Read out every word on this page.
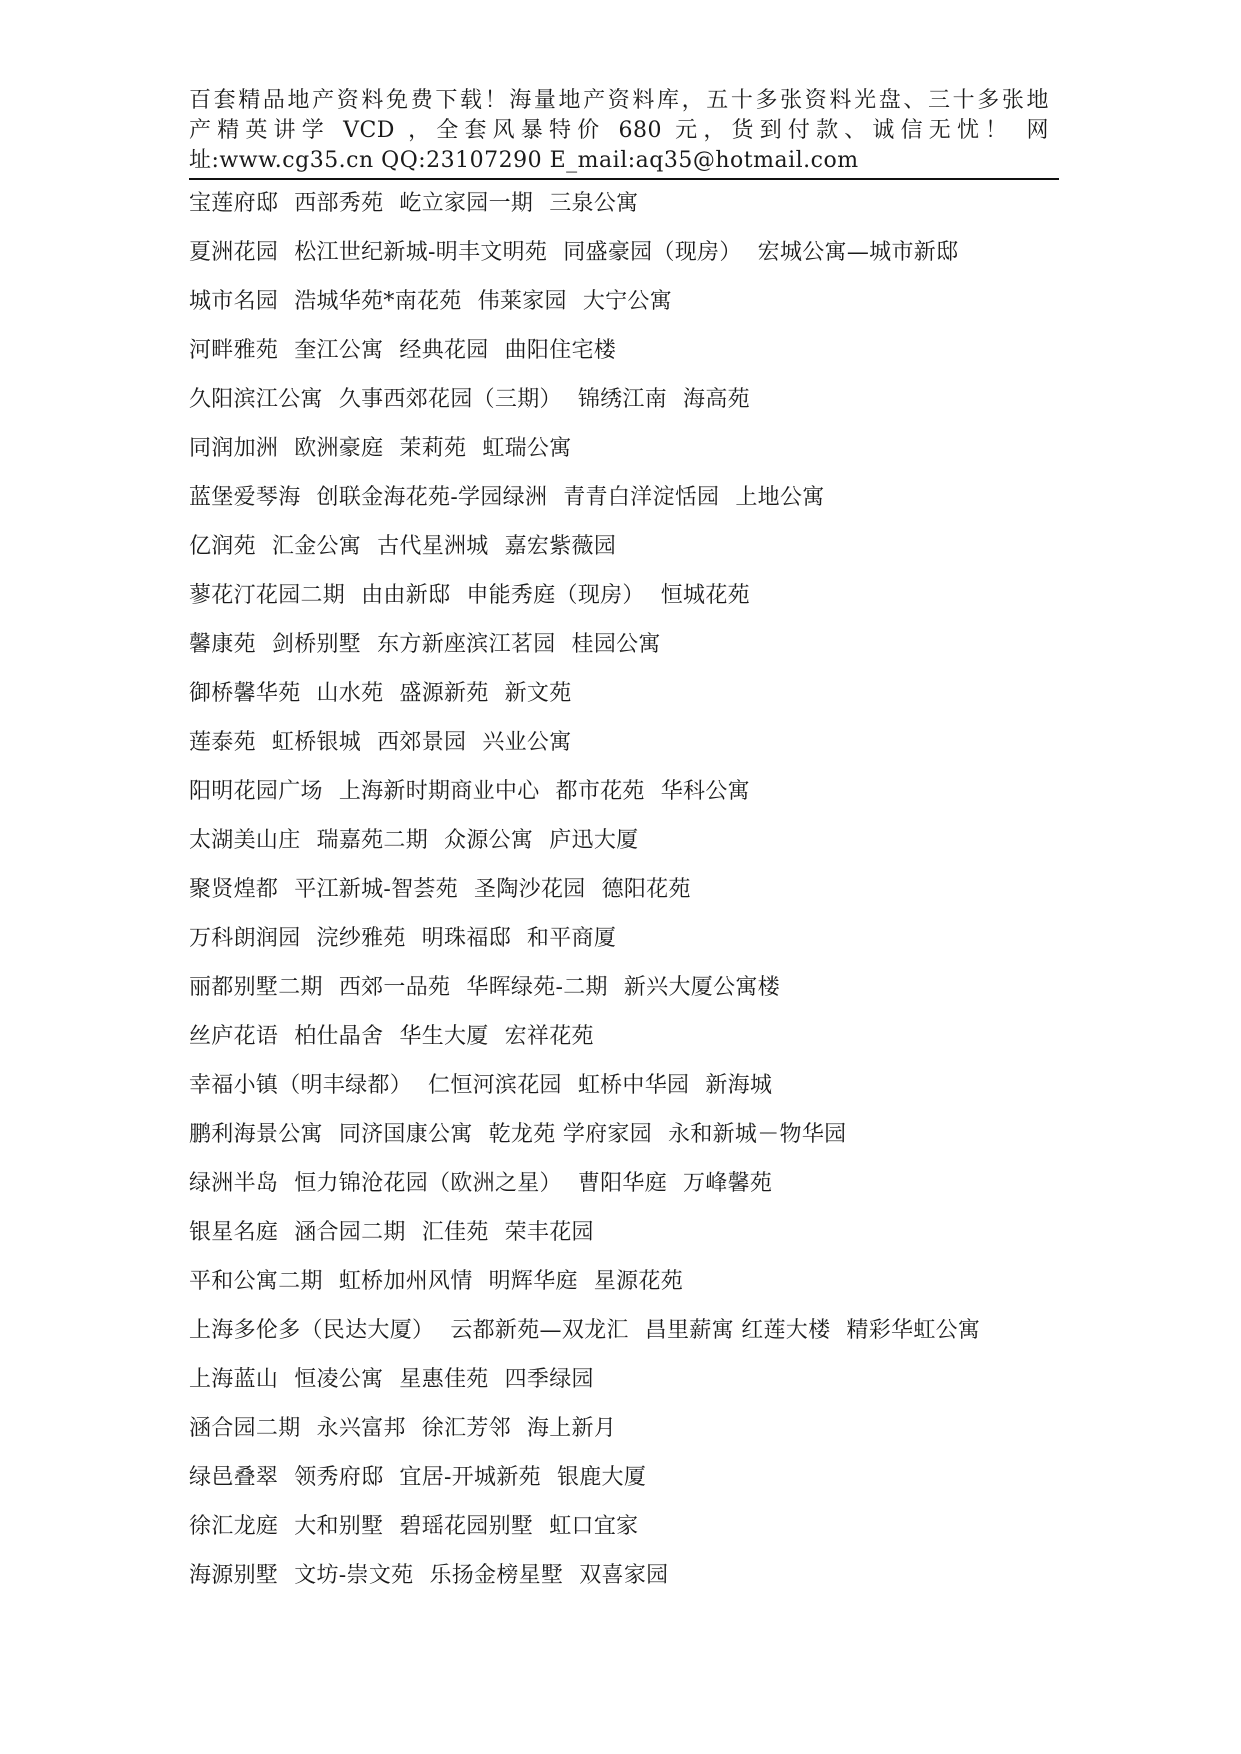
百套精品地产资料免费下载！海量地产资料库，五十多张资料光盘、三十多张地
产精英讲学 VCD ，全套风暴特价 680 元，货到付款、诚信无忧！ 网
址:www.cg35.cn QQ:23107290 E_mail:aq35@hotmail.com
宝莲府邸 西部秀苑 屹立家园一期 三泉公寓
夏洲花园 松江世纪新城-明丰文明苑 同盛豪园（现房） 宏城公寓—城市新邸
城市名园 浩城华苑*南花苑 伟莱家园 大宁公寓
河畔雅苑 奎江公寓 经典花园 曲阳住宅楼
久阳滨江公寓 久事西郊花园（三期） 锦绣江南 海高苑
同润加洲 欧洲豪庭 茉莉苑 虹瑞公寓
蓝堡爱琴海 创联金海花苑-学园绿洲 青青白洋淀恬园 上地公寓
亿润苑 汇金公寓 古代星洲城 嘉宏紫薇园
蓼花汀花园二期 由由新邸 申能秀庭（现房） 恒城花苑
馨康苑 剑桥别墅 东方新座滨江茗园 桂园公寓
御桥馨华苑 山水苑 盛源新苑 新文苑
莲泰苑 虹桥银城 西郊景园 兴业公寓
阳明花园广场 上海新时期商业中心 都市花苑 华科公寓
太湖美山庄 瑞嘉苑二期 众源公寓 庐迅大厦
聚贤煌都 平江新城-智荟苑 圣陶沙花园 德阳花苑
万科朗润园 浣纱雅苑 明珠福邸 和平商厦
丽都别墅二期 西郊一品苑 华晖绿苑-二期 新兴大厦公寓楼
丝庐花语 柏仕晶舍 华生大厦 宏祥花苑
幸福小镇（明丰绿都） 仁恒河滨花园 虹桥中华园 新海城
鹏利海景公寓 同济国康公寓 乾龙苑 学府家园 永和新城－物华园
绿洲半岛 恒力锦沧花园（欧洲之星） 曹阳华庭 万峰馨苑
银星名庭 涵合园二期 汇佳苑 荣丰花园
平和公寓二期 虹桥加州风情 明辉华庭 星源花苑
上海多伦多（民达大厦） 云都新苑—双龙汇 昌里薪寓 红莲大楼 精彩华虹公寓
上海蓝山 恒凌公寓 星惠佳苑 四季绿园
涵合园二期 永兴富邦 徐汇芳邻 海上新月
绿邑叠翠 领秀府邸 宜居-开城新苑 银鹿大厦
徐汇龙庭 大和别墅 碧瑶花园别墅 虹口宜家
海源别墅 文坊-崇文苑 乐扬金榜星墅 双喜家园
